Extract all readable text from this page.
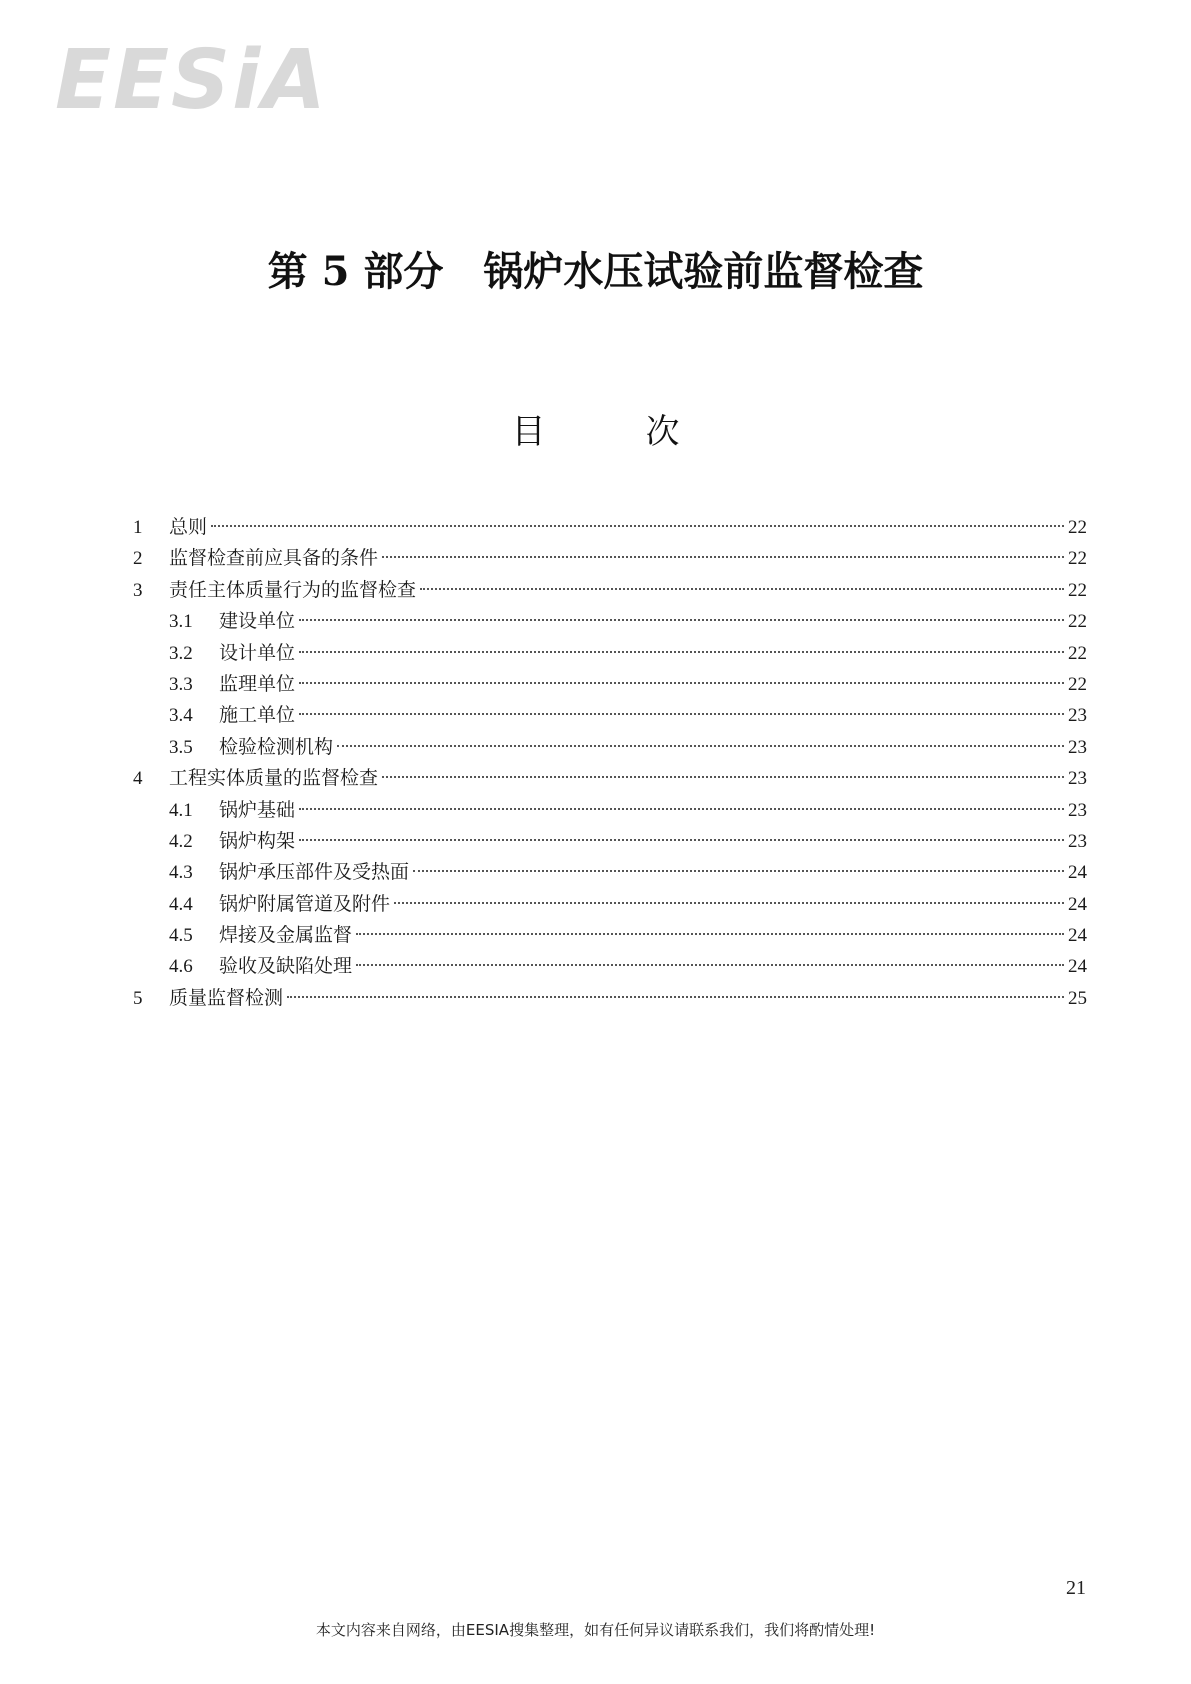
EESiA
第 5 部分 锅炉水压试验前监督检查
目	次
1	总则	22
2	监督检查前应具备的条件	22
3	责任主体质量行为的监督检查	22
3.1	建设单位	22
3.2	设计单位	22
3.3	监理单位	22
3.4	施工单位	23
3.5	检验检测机构	23
4	工程实体质量的监督检查	23
4.1	锅炉基础	23
4.2	锅炉构架	23
4.3	锅炉承压部件及受热面	24
4.4	锅炉附属管道及附件	24
4.5	焊接及金属监督	24
4.6	验收及缺陷处理	24
5	质量监督检测	25
21
本文内容来自网络，由EESIA搜集整理，如有任何异议请联系我们，我们将酌情处理!
